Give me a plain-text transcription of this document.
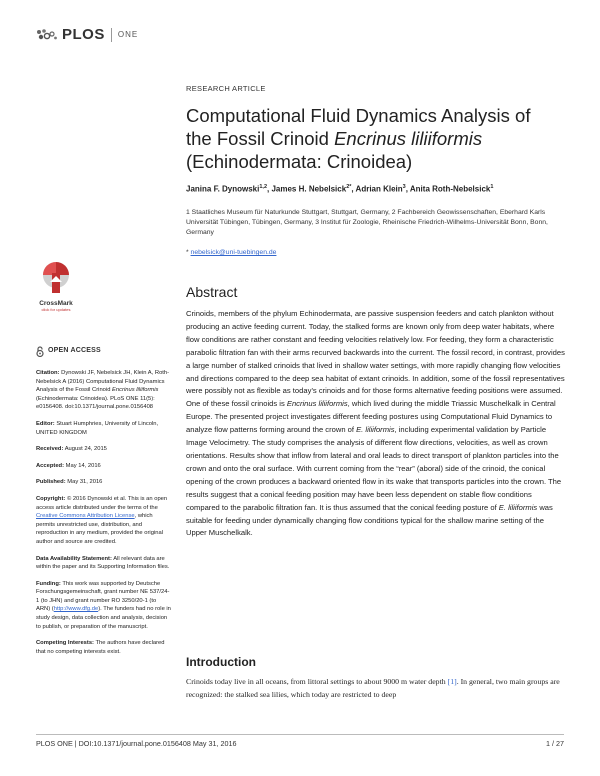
PLOS ONE
RESEARCH ARTICLE
Computational Fluid Dynamics Analysis of
the Fossil Crinoid Encrinus liliiformis
(Echinodermata: Crinoidea)
Janina F. Dynowski$^{1,2}$, James H. Nebelsick$^{2*}$, Adrian Klein$^3$, Anita Roth-Nebelsick$^1$
1 Staatliches Museum für Naturkunde Stuttgart, Stuttgart, Germany, 2 Fachbereich Geowissenschaften, Eberhard Karls Universität Tübingen, Tübingen, Germany, 3 Institut für Zoologie, Rheinische Friedrich-Wilhelms-Universität Bonn, Bonn, Germany
* nebelsick@uni-tuebingen.de
CrossMark
click for updates
OPEN ACCESS
Citation: Dynowski JF, Nebelsick JH, Klein A, Roth-Nebelsick A (2016) Computational Fluid Dynamics Analysis of the Fossil Crinoid Encrinus liliiformis (Echinodermata: Crinoidea). PLoS ONE 11(5): e0156408. doi:10.1371/journal.pone.0156408
Editor: Stuart Humphries, University of Lincoln, UNITED KINGDOM
Received: August 24, 2015
Accepted: May 14, 2016
Published: May 31, 2016
Copyright: © 2016 Dynowski et al. This is an open access article distributed under the terms of the Creative Commons Attribution License, which permits unrestricted use, distribution, and reproduction in any medium, provided the original author and source are credited.
Data Availability Statement: All relevant data are within the paper and its Supporting Information files.
Funding: This work was supported by Deutsche Forschungsgemeinschaft, grant number NE 537/24-1 (to JHN) and grant number RO 3250/20-1 (to ARN) (http://www.dfg.de). The funders had no role in study design, data collection and analysis, decision to publish, or preparation of the manuscript.
Competing Interests: The authors have declared that no competing interests exist.
Abstract

Crinoids, members of the phylum Echinodermata, are passive suspension feeders and catch plankton without producing an active feeding current. Today, the stalked forms are known only from deep water habitats, where flow conditions are rather constant and feeding velocities relatively low. For feeding, they form a characteristic parabolic filtration fan with their arms recurved backwards into the current. The fossil record, in contrast, provides a large number of stalked crinoids that lived in shallow water settings, with more rapidly changing flow velocities and directions compared to the deep sea habitat of extant crinoids. In addition, some of the fossil representatives were possibly not as flexible as today’s crinoids and for those forms alternative feeding positions were assumed. One of these fossil crinoids is Encrinus liliiformis, which lived during the middle Triassic Muschelkalk in Central Europe. The presented project investigates different feeding postures using Computational Fluid Dynamics to analyze flow patterns forming around the crown of E. liliiformis, including experimental validation by Particle Image Velocimetry. The study comprises the analysis of different flow directions, velocities, as well as crown orientations. Results show that inflow from lateral and oral leads to direct transport of plankton particles into the crown and onto the oral surface. With current coming from the “rear” (aboral) side of the crinoid, the conical opening of the crown produces a backward oriented flow in its wake that transports particles into the crown. The results suggest that a conical feeding position may have been less dependent on stable flow conditions compared to the parabolic filtration fan. It is thus assumed that the conical feeding posture of E. liliiformis was suitable for feeding under dynamically changing flow conditions typical for the shallow marine setting of the Upper Muschelkalk.

Introduction

Crinoids today live in all oceans, from littoral settings to about 9000 m water depth [1]. In general, two main groups are recognized: the stalked sea lilies, which today are restricted to deep

PLOS ONE | DOI:10.1371/journal.pone.0156408 May 31, 2016	1 / 27
